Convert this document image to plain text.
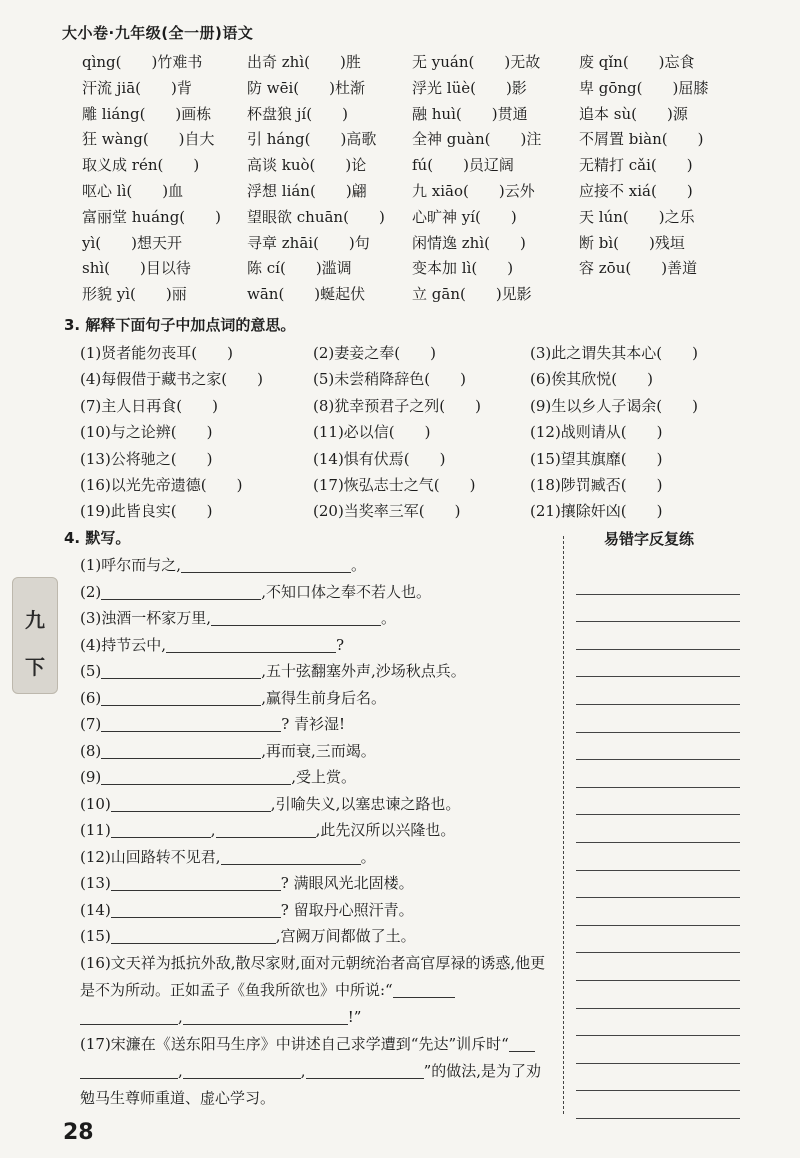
大小卷·九年级(全一册)语文
qìng(　　)竹难书	出奇 zhì(　　)胜	无 yuán(　　)无故	废 qǐn(　　)忘食
汗流 jiā(　　)背	防 wēi(　　)杜渐	浮光 lüè(　　)影	卑 gōng(　　)屈膝
雕 liáng(　　)画栋	杯盘狼 jí(　　)	融 huì(　　)贯通	追本 sù(　　)源
狂 wàng(　　)自大	引 háng(　　)高歌	全神 guàn(　　)注	不屑置 biàn(　　)
取义成 rén(　　)	高谈 kuò(　　)论	fú(　　)员辽阔	无精打 cǎi(　　)
呕心 lì(　　)血	浮想 lián(　　)翩	九 xiāo(　　)云外	应接不 xiá(　　)
富丽堂 huáng(　　)	望眼欲 chuān(　　)	心旷神 yí(　　)	天 lún(　　)之乐
yì(　　)想天开	寻章 zhāi(　　)句	闲情逸 zhì(　　)	断 bì(　　)残垣
shì(　　)目以待	陈 cí(　　)滥调	变本加 lì(　　)	容 zōu(　　)善道
形貌 yì(　　)丽	wān(　　)蜒起伏	立 gān(　　)见影
3. 解释下面句子中加点词的意思。
(1)贤者能勿丧耳(　　)	(2)妻妾之奉(　　)	(3)此之谓失其本心(　　)
(4)每假借于藏书之家(　　)	(5)未尝稍降辞色(　　)	(6)俟其欣悦(　　)
(7)主人日再食(　　)	(8)犹幸预君子之列(　　)	(9)生以乡人子谒余(　　)
(10)与之论辨(　　)	(11)必以信(　　)	(12)战则请从(　　)
(13)公将驰之(　　)	(14)惧有伏焉(　　)	(15)望其旗靡(　　)
(16)以光先帝遗德(　　)	(17)恢弘志士之气(　　)	(18)陟罚臧否(　　)
(19)此皆良实(　　)	(20)当奖率三军(　　)	(21)攘除奸凶(　　)
4. 默写。
(1)呼尔而与之,	。
(2)	,不知口体之奉不若人也。
(3)浊酒一杯家万里,	。
(4)持节云中,	?
(5)	,五十弦翻塞外声,沙场秋点兵。
(6)	,赢得生前身后名。
(7)	? 青衫湿!
(8)	,再而衰,三而竭。
(9)	,受上赏。
(10)	,引喻失义,以塞忠谏之路也。
(11)	,	,此先汉所以兴隆也。
(12)山回路转不见君,	。
(13)	? 满眼风光北固楼。
(14)	? 留取丹心照汗青。
(15)	,宫阙万间都做了土。
(16)文天祥为抵抗外敌,散尽家财,面对元朝统治者高官厚禄的诱惑,他更是不为所动。正如孟子《鱼我所欲也》中所说:“
,	!”
(17)宋濂在《送东阳马生序》中讲述自己求学遭到“先达”训斥时“
,	,	”的做法,是为了劝勉马生尊师重道、虚心学习。
易错字反复练
九
下
28
